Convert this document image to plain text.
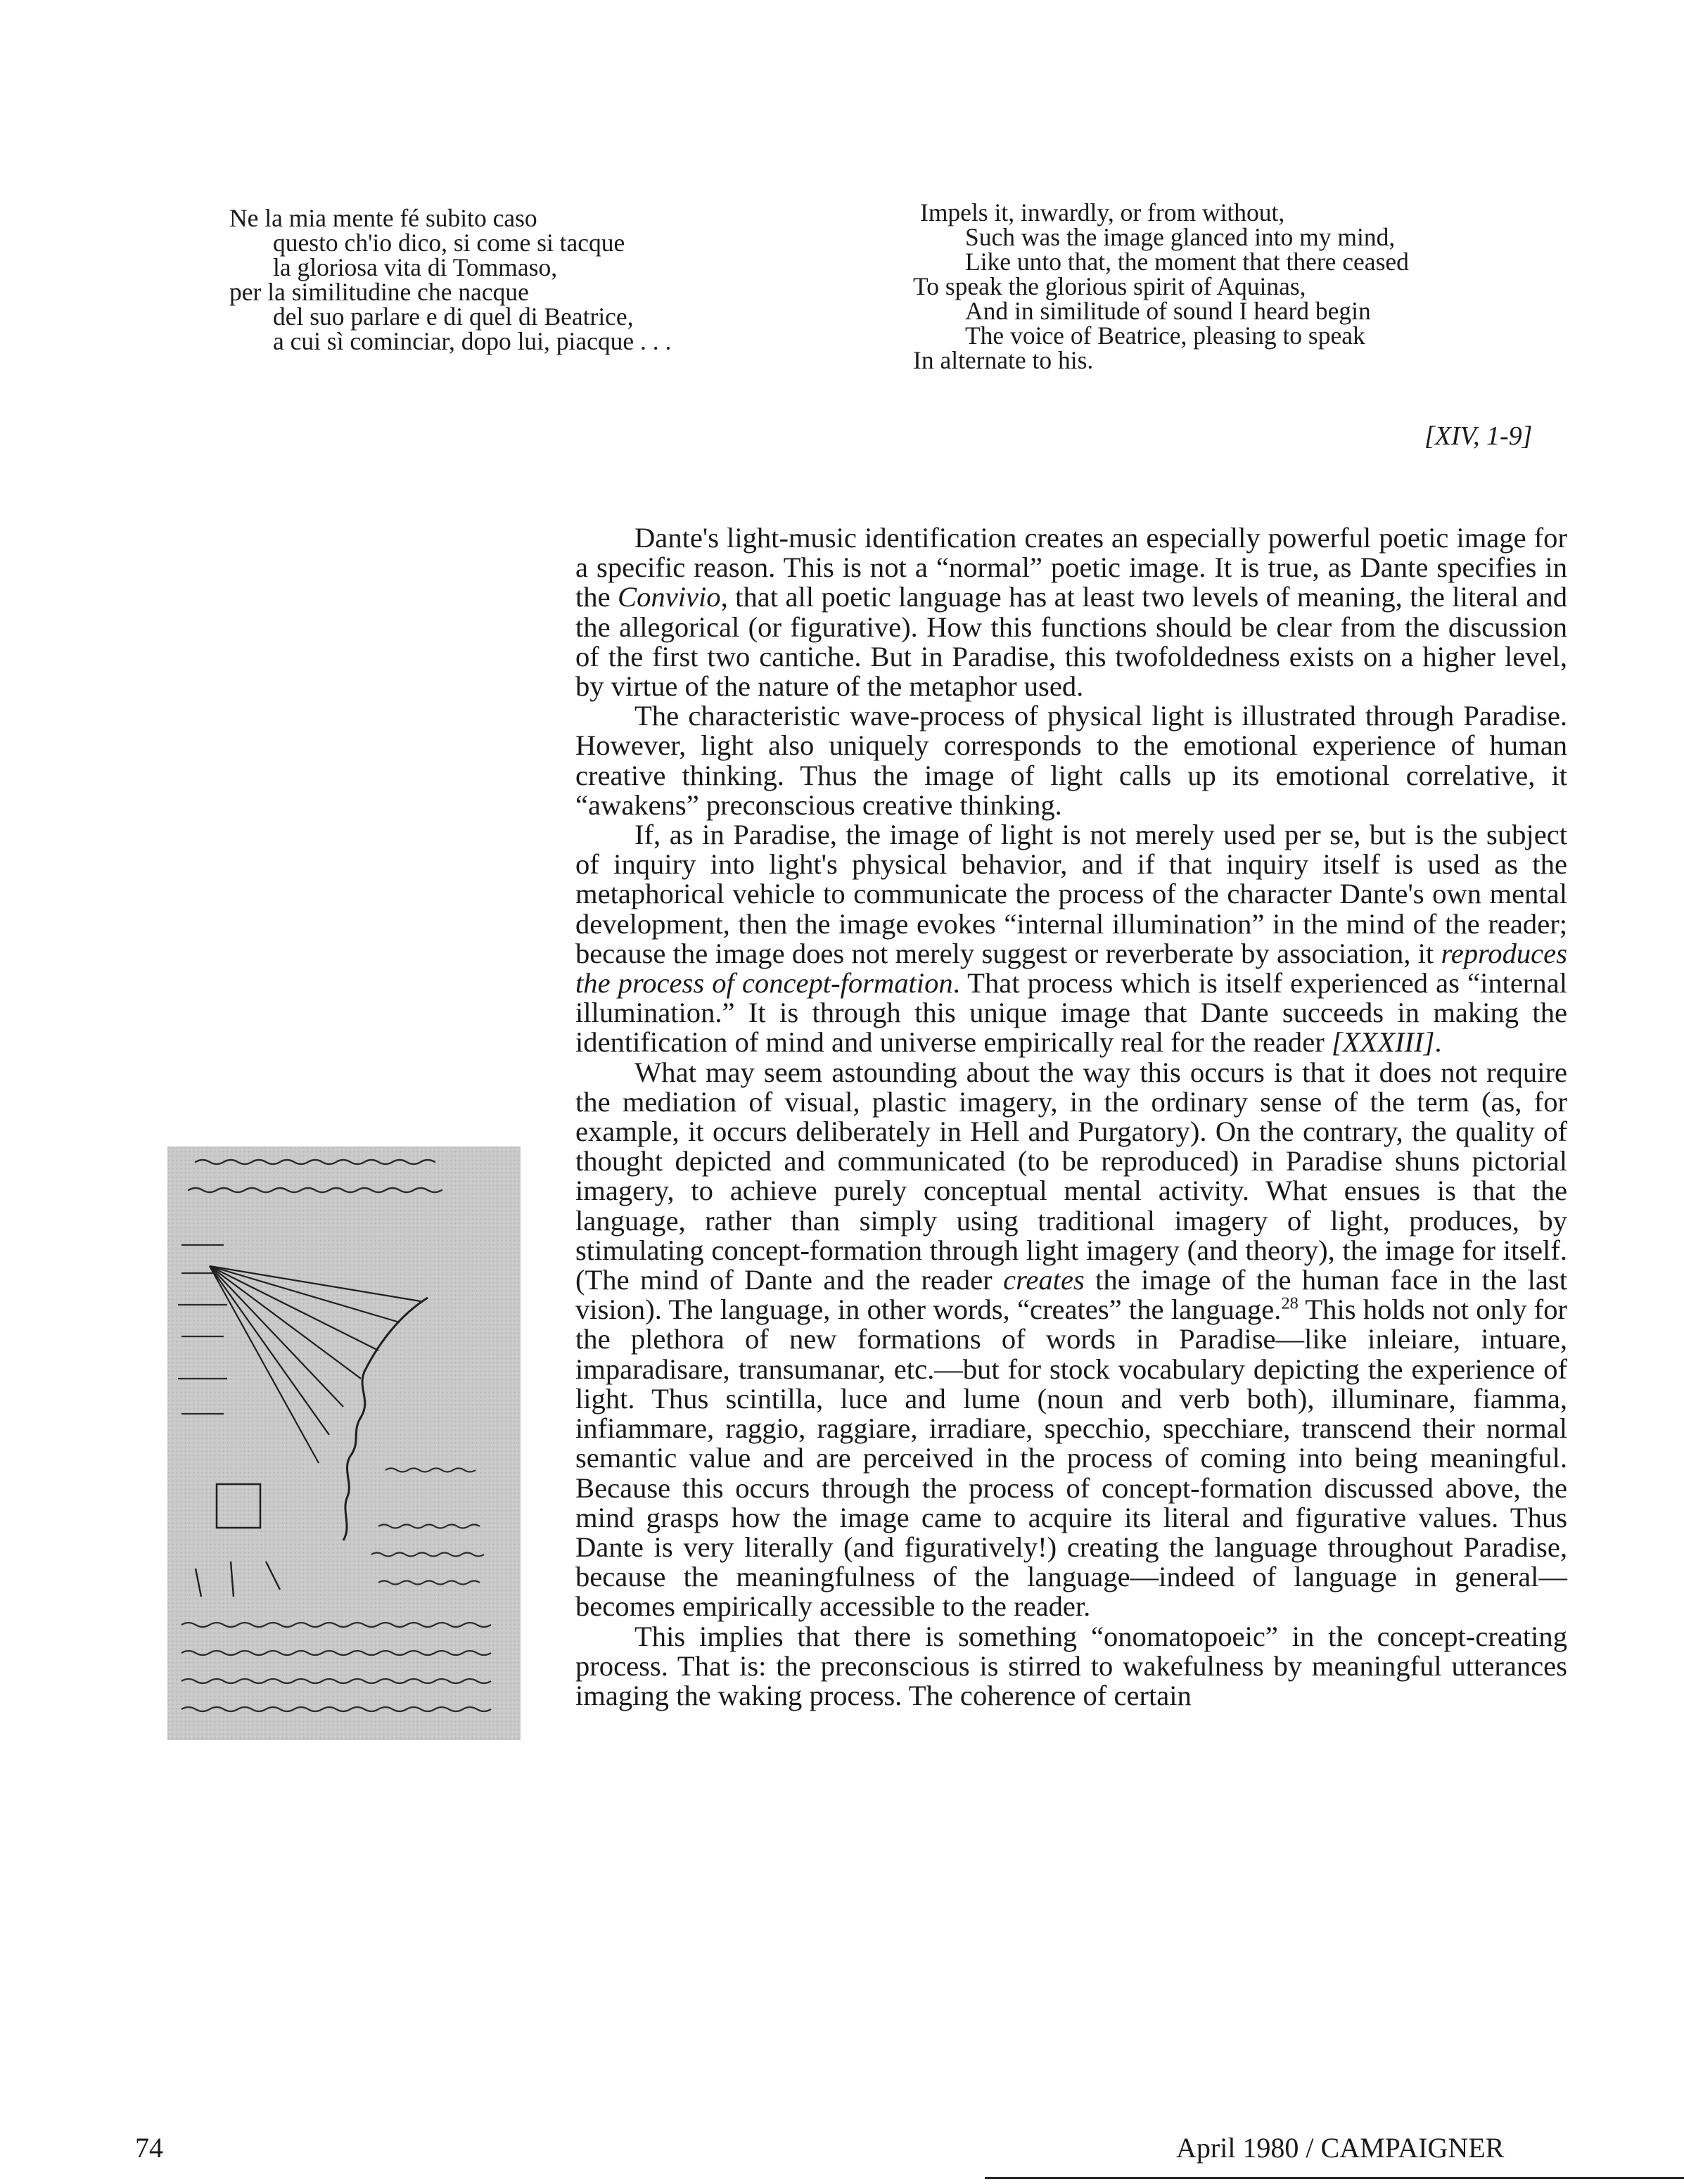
Ne la mia mente fé subito caso
questo ch'io dico, si come si tacque
la gloriosa vita di Tommaso,
per la similitudine che nacque
del suo parlare e di quel di Beatrice,
a cui sì cominciar, dopo lui, piacque . . .
Impels it, inwardly, or from without,
Such was the image glanced into my mind,
Like unto that, the moment that there ceased
To speak the glorious spirit of Aquinas,
And in similitude of sound I heard begin
The voice of Beatrice, pleasing to speak
In alternate to his.
[XIV, 1-9]

Dante's light-music identification creates an especially powerful poetic image for a specific reason. This is not a “normal” poetic image. It is true, as Dante specifies in the Convivio, that all poetic language has at least two levels of meaning, the literal and the allegorical (or figurative). How this functions should be clear from the discussion of the first two cantiche. But in Paradise, this twofoldedness exists on a higher level, by virtue of the nature of the metaphor used.

The characteristic wave-process of physical light is illustrated through Paradise. However, light also uniquely corresponds to the emotional experience of human creative thinking. Thus the image of light calls up its emotional correlative, it “awakens” preconscious creative thinking.

If, as in Paradise, the image of light is not merely used per se, but is the subject of inquiry into light's physical behavior, and if that inquiry itself is used as the metaphorical vehicle to communicate the process of the character Dante's own mental development, then the image evokes “internal illumination” in the mind of the reader; because the image does not merely suggest or reverberate by association, it reproduces the process of concept-formation. That process which is itself experienced as “internal illumination.” It is through this unique image that Dante succeeds in making the identification of mind and universe empirically real for the reader [XXXIII].

What may seem astounding about the way this occurs is that it does not require the mediation of visual, plastic imagery, in the ordinary sense of the term (as, for example, it occurs deliberately in Hell and Purgatory). On the contrary, the quality of thought depicted and communicated (to be reproduced) in Paradise shuns pictorial imagery, to achieve purely conceptual mental activity. What ensues is that the language, rather than simply using traditional imagery of light, produces, by stimulating concept-formation through light imagery (and theory), the image for itself. (The mind of Dante and the reader creates the image of the human face in the last vision). The language, in other words, “creates” the language.$^{28}$ This holds not only for the plethora of new formations of words in Paradise—like inleiare, intuare, imparadisare, transumanar, etc.—but for stock vocabulary depicting the experience of light. Thus scintilla, luce and lume (noun and verb both), illuminare, fiamma, infiammare, raggio, raggiare, irradiare, specchio, specchiare, transcend their normal semantic value and are perceived in the process of coming into being meaningful. Because this occurs through the process of concept-formation discussed above, the mind grasps how the image came to acquire its literal and figurative values. Thus Dante is very literally (and figuratively!) creating the language throughout Paradise, because the meaningfulness of the language—indeed of language in general—becomes empirically accessible to the reader.

This implies that there is something “onomatopoeic” in the concept-creating process. That is: the preconscious is stirred to wakefulness by meaningful utterances imaging the waking process. The coherence of certain

74	April 1980 / CAMPAIGNER
